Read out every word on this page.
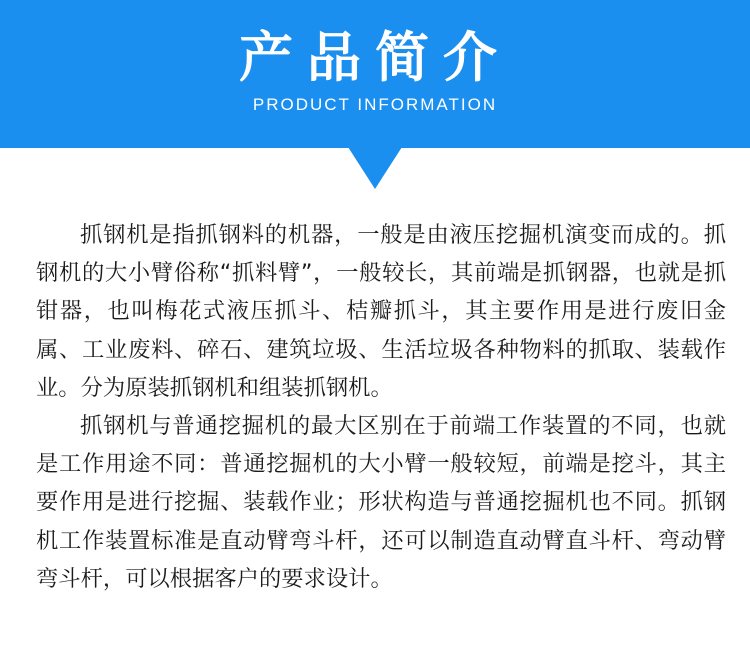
产品简介
PRODUCT INFORMATION

抓钢机是指抓钢料的机器，一般是由液压挖掘机演变而成的。抓钢机的大小臂俗称“抓料臂”，一般较长，其前端是抓钢器，也就是抓钳器，也叫梅花式液压抓斗、桔瓣抓斗，其主要作用是进行废旧金属、工业废料、碎石、建筑垃圾、生活垃圾各种物料的抓取、装载作业。分为原装抓钢机和组装抓钢机。

抓钢机与普通挖掘机的最大区别在于前端工作装置的不同，也就是工作用途不同：普通挖掘机的大小臂一般较短，前端是挖斗，其主要作用是进行挖掘、装载作业；形状构造与普通挖掘机也不同。抓钢机工作装置标准是直动臂弯斗杆，还可以制造直动臂直斗杆、弯动臂弯斗杆，可以根据客户的要求设计。
